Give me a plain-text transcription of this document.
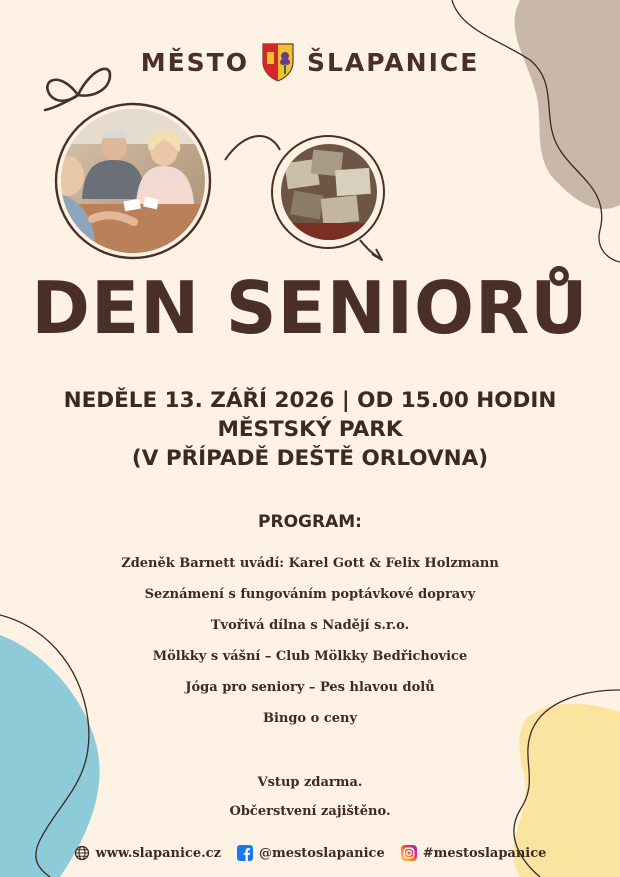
MĚSTO ŠLAPANICE
DEN SENIORŮ
NEDĚLE 13. ZÁŘÍ 2026 | OD 15.00 HODIN
MĚSTSKÝ PARK
(V PŘÍPADĚ DEŠTĚ ORLOVNA)
PROGRAM:
Zdeněk Barnett uvádí: Karel Gott & Felix Holzmann
Seznámení s fungováním poptávkové dopravy
Tvořivá dílna s Nadějí s.r.o.
Mölkky s vášní – Club Mölkky Bedřichovice
Jóga pro seniory – Pes hlavou dolů
Bingo o ceny
Vstup zdarma.
Občerstvení zajištěno.
www.slapanice.cz	@mestoslapanice	#mestoslapanice
